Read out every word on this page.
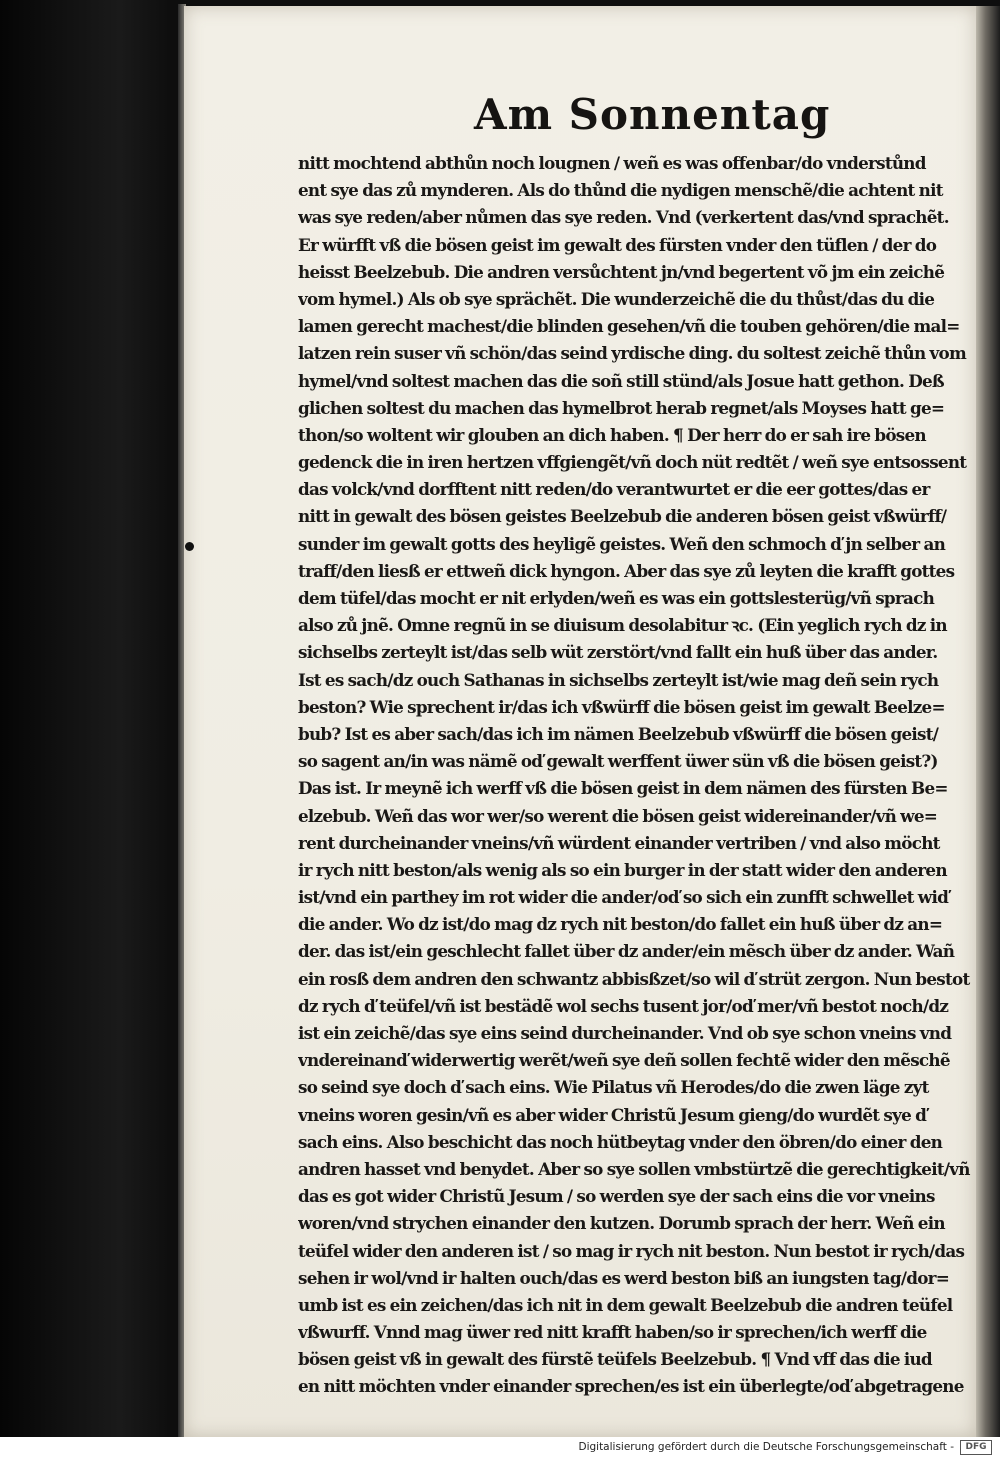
Am Sonnentag
nitt mochtend abthůn noch lougnen / weñ es was offenbar/do vnderstůnd
ent sye das zů mynderen. Als do thůnd die nydigen menschẽ/die achtent nit
was sye reden/aber nůmen das sye reden. Vnd (verkertent das/vnd sprachẽt.
Er würfft vß die bösen geist im gewalt des fürsten vnder den tüflen / der do
heisst Beelzebub. Die andren versůchtent jn/vnd begertent võ jm ein zeichẽ
vom hymel.) Als ob sye sprächẽt. Die wunderzeichẽ die du thůst/das du die
lamen gerecht machest/die blinden gesehen/vñ die touben gehören/die mal=
latzen rein suser vñ schön/das seind yrdische ding. du soltest zeichẽ thůn vom
hymel/vnd soltest machen das die soñ still stünd/als Josue hatt gethon. Deß
glichen soltest du machen das hymelbrot herab regnet/als Moyses hatt ge=
thon/so woltent wir glouben an dich haben. ¶ Der herr do er sah ire bösen
gedenck die in iren hertzen vffgiengẽt/vñ doch nüt redtẽt / weñ sye entsossent
das volck/vnd dorfftent nitt reden/do verantwurtet er die eer gottes/das er
nitt in gewalt des bösen geistes Beelzebub die anderen bösen geist vßwürff/
sunder im gewalt gotts des heyligẽ geistes. Weñ den schmoch ď jn selber an
traff/den liesß er ettweñ dick hyngon. Aber das sye zů leyten die krafft gottes
dem tüfel/das mocht er nit erlyden/weñ es was ein gottslesterüg/vñ sprach
also zů jnẽ. Omne regnũ in se diuisum desolabitur ꝛc. (Ein yeglich rych dz in
sichselbs zerteylt ist/das selb wüt zerstört/vnd fallt ein huß über das ander.
Ist es sach/dz ouch Sathanas in sichselbs zerteylt ist/wie mag deñ sein rych
beston? Wie sprechent ir/das ich vßwürff die bösen geist im gewalt Beelze=
bub? Ist es aber sach/das ich im nämen Beelzebub vßwürff die bösen geist/
so sagent an/in was nämẽ oď gewalt werffent üwer sün vß die bösen geist?)
Das ist. Ir meynẽ ich werff vß die bösen geist in dem nämen des fürsten Be=
elzebub. Weñ das wor wer/so werent die bösen geist widereinander/vñ we=
rent durcheinander vneins/vñ würdent einander vertriben / vnd also möcht
ir rych nitt beston/als wenig als so ein burger in der statt wider den anderen
ist/vnd ein parthey im rot wider die ander/oď so sich ein zunfft schwellet wiď
die ander. Wo dz ist/do mag dz rych nit beston/do fallet ein huß über dz an=
der. das ist/ein geschlecht fallet über dz ander/ein mẽsch über dz ander. Wañ
ein rosß dem andren den schwantz abbisßzet/so wil ď strüt zergon. Nun bestot
dz rych ď teüfel/vñ ist bestädẽ wol sechs tusent jor/oď mer/vñ bestot noch/dz
ist ein zeichẽ/das sye eins seind durcheinander. Vnd ob sye schon vneins vnd
vndereinanď widerwertig werẽt/weñ sye deñ sollen fechtẽ wider den mẽschẽ
so seind sye doch ď sach eins. Wie Pilatus vñ Herodes/do die zwen läge zyt
vneins woren gesin/vñ es aber wider Christũ Jesum gieng/do wurdẽt sye ď
sach eins. Also beschicht das noch hütbeytag vnder den öbren/do einer den
andren hasset vnd benydet. Aber so sye sollen vmbstürtzẽ die gerechtigkeit/vñ
das es got wider Christũ Jesum / so werden sye der sach eins die vor vneins
woren/vnd strychen einander den kutzen. Dorumb sprach der herr. Weñ ein
teüfel wider den anderen ist / so mag ir rych nit beston. Nun bestot ir rych/das
sehen ir wol/vnd ir halten ouch/das es werd beston biß an iungsten tag/dor=
umb ist es ein zeichen/das ich nit in dem gewalt Beelzebub die andren teüfel
vßwurff. Vnnd mag üwer red nitt krafft haben/so ir sprechen/ich werff die
bösen geist vß in gewalt des fürstẽ teüfels Beelzebub. ¶ Vnd vff das die iud
en nitt möchten vnder einander sprechen/es ist ein überlegte/oď abgetragene
Digitalisierung gefördert durch die Deutsche Forschungsgemeinschaft -	DFG
